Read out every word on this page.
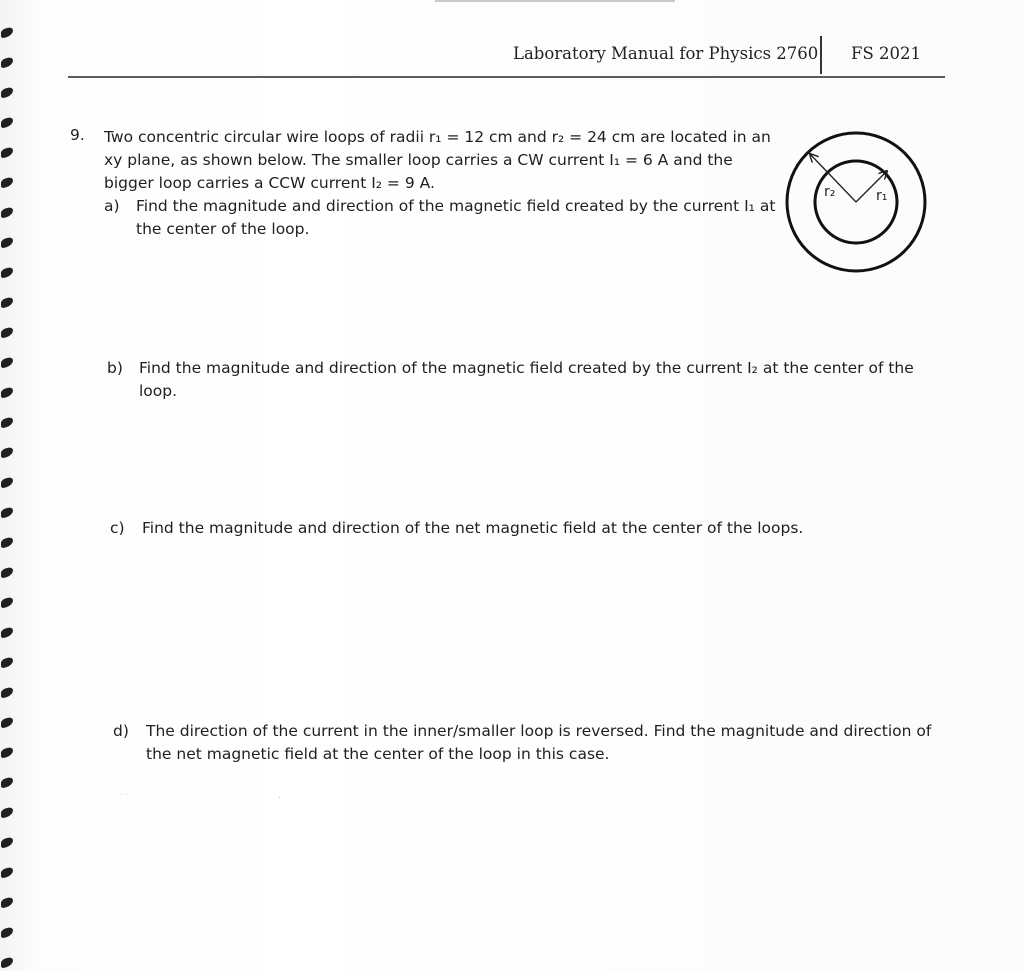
Laboratory Manual for Physics 2760 FS 2021
9. Two concentric circular wire loops of radii r₁ = 12 cm and r₂ = 24 cm are located in an
xy plane, as shown below. The smaller loop carries a CW current I₁ = 6 A and the
bigger loop carries a CCW current I₂ = 9 A.
a) Find the magnitude and direction of the magnetic field created by the current I₁ at
the center of the loop.
r₂	r₁
b) Find the magnitude and direction of the magnetic field created by the current I₂ at the center of the
loop.
c) Find the magnitude and direction of the net magnetic field at the center of the loops.
d) The direction of the current in the inner/smaller loop is reversed. Find the magnitude and direction of
the net magnetic field at the center of the loop in this case.
· ·	'
